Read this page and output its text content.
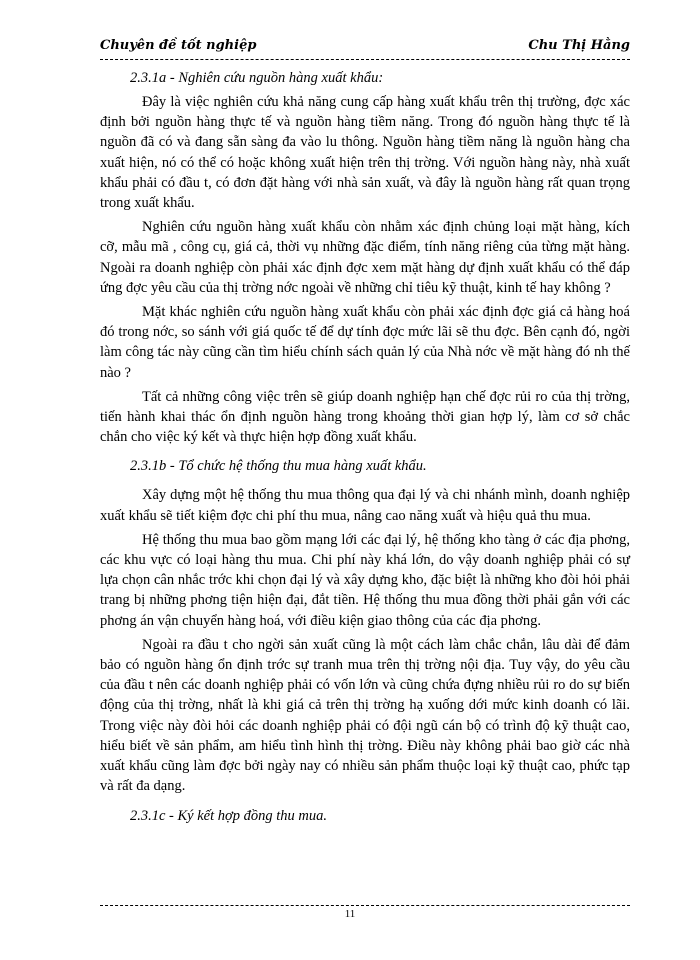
Chuyên đề tốt nghiệp	Chu Thị Hằng

2.3.1a - Nghiên cứu nguồn hàng xuất khẩu:

Đây là việc nghiên cứu khả năng cung cấp hàng xuất khẩu trên thị trường, đợc xác định bởi nguồn hàng thực tế và nguồn hàng tiềm năng. Trong đó nguồn hàng thực tế là nguồn đã có và đang sẵn sàng đa vào lu thông. Nguồn hàng tiềm năng là nguồn hàng cha xuất hiện, nó có thể có hoặc không xuất hiện trên thị trờng. Với nguồn hàng này, nhà xuất khẩu phải có đầu t, có đơn đặt hàng với nhà sản xuất, và đây là nguồn hàng rất quan trọng trong xuất khẩu.

Nghiên cứu nguồn hàng xuất khẩu còn nhằm xác định chủng loại mặt hàng, kích cỡ, mẫu mã , công cụ, giá cả, thời vụ những đặc điểm, tính năng riêng của từng mặt hàng. Ngoài ra doanh nghiệp còn phải xác định đợc xem mặt hàng dự định xuất khẩu có thể đáp ứng đợc yêu cầu của thị trờng nớc ngoài về những chỉ tiêu kỹ thuật, kinh tế hay không ?

Mặt khác nghiên cứu nguồn hàng xuất khẩu còn phải xác định đợc giá cả hàng hoá đó trong nớc, so sánh với giá quốc tế để dự tính đợc mức lãi sẽ thu đợc. Bên cạnh đó, ngời làm công tác này cũng cần tìm hiểu chính sách quản lý của Nhà nớc về mặt hàng đó nh thế nào ?

Tất cả những công việc trên sẽ giúp doanh nghiệp hạn chế đợc rủi ro của thị trờng, tiến hành khai thác ổn định nguồn hàng trong khoảng thời gian hợp lý, làm cơ sở chắc chắn cho việc ký kết và thực hiện hợp đồng xuất khẩu.

2.3.1b - Tổ chức hệ thống thu mua hàng xuất khẩu.

Xây dựng một hệ thống thu mua thông qua đại lý và chi nhánh mình, doanh nghiệp xuất khẩu sẽ tiết kiệm đợc chi phí thu mua, nâng cao năng xuất và hiệu quả thu mua.

Hệ thống thu mua bao gồm mạng lới các đại lý, hệ thống kho tàng ở các địa phơng, các khu vực có loại hàng thu mua. Chi phí này khá lớn, do vậy doanh nghiệp phải có sự lựa chọn cân nhắc trớc khi chọn đại lý và xây dựng kho, đặc biệt là những kho đòi hỏi phải trang bị những phơng tiện hiện đại, đắt tiền. Hệ thống thu mua đồng thời phải gắn với các phơng án vận chuyển hàng hoá, với điều kiện giao thông của các địa phơng.

Ngoài ra đầu t cho ngời sản xuất cũng là một cách làm chắc chắn, lâu dài để đảm bảo có nguồn hàng ổn định trớc sự tranh mua trên thị trờng nội địa. Tuy vậy, do yêu cầu của đầu t nên các doanh nghiệp phải có vốn lớn và cũng chứa đựng nhiều rủi ro do sự biến động của thị trờng, nhất là khi giá cả trên thị trờng hạ xuống dới mức kinh doanh có lãi. Trong việc này đòi hỏi các doanh nghiệp phải có đội ngũ cán bộ có trình độ kỹ thuật cao, hiểu biết về sản phẩm, am hiểu tình hình thị trờng. Điều này không phải bao giờ các nhà xuất khẩu cũng làm đợc bởi ngày nay có nhiều sản phẩm thuộc loại kỹ thuật cao, phức tạp và rất đa dạng.

2.3.1c - Ký kết hợp đồng thu mua.

11
